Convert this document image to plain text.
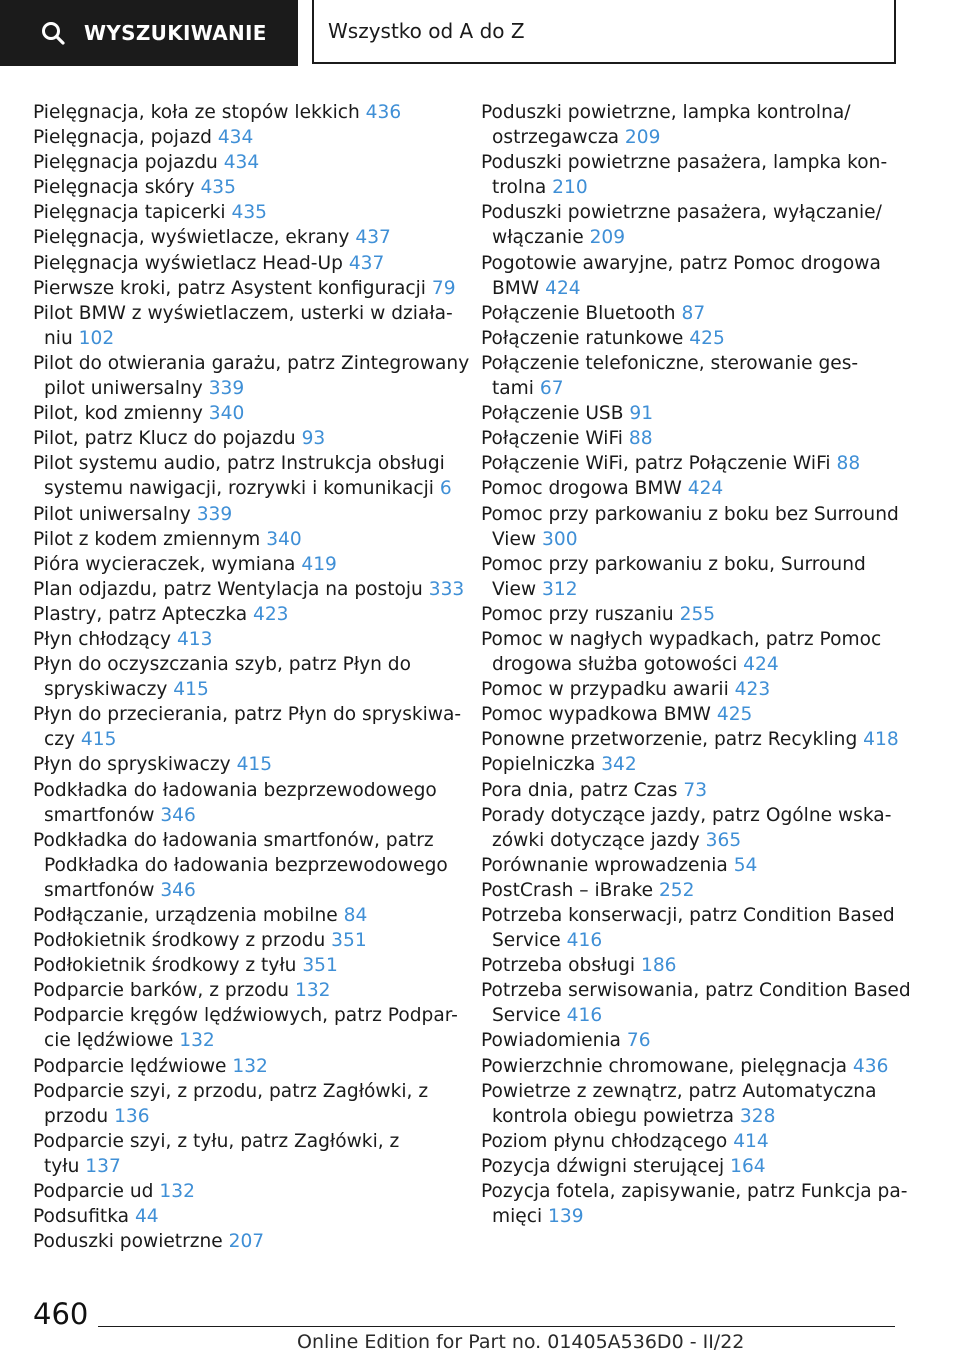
WYSZUKIWANIE	Wszystko od A do Z

Pielęgnacja, koła ze stopów lekkich 436

Pielęgnacja, pojazd 434

Pielęgnacja pojazdu 434

Pielęgnacja skóry 435

Pielęgnacja tapicerki 435

Pielęgnacja, wyświetlacze, ekrany 437

Pielęgnacja wyświetlacz Head-Up 437

Pierwsze kroki, patrz Asystent konfiguracji 79

Pilot BMW z wyświetlaczem, usterki w działa-
niu 102

Pilot do otwierania garażu, patrz Zintegrowany
pilot uniwersalny 339

Pilot, kod zmienny 340

Pilot, patrz Klucz do pojazdu 93

Pilot systemu audio, patrz Instrukcja obsługi
systemu nawigacji, rozrywki i komunikacji 6

Pilot uniwersalny 339

Pilot z kodem zmiennym 340

Pióra wycieraczek, wymiana 419

Plan odjazdu, patrz Wentylacja na postoju 333

Plastry, patrz Apteczka 423

Płyn chłodzący 413

Płyn do oczyszczania szyb, patrz Płyn do
spryskiwaczy 415

Płyn do przecierania, patrz Płyn do spryskiwa-
czy 415

Płyn do spryskiwaczy 415

Podkładka do ładowania bezprzewodowego
smartfonów 346

Podkładka do ładowania smartfonów, patrz
Podkładka do ładowania bezprzewodowego
smartfonów 346

Podłączanie, urządzenia mobilne 84

Podłokietnik środkowy z przodu 351

Podłokietnik środkowy z tyłu 351

Podparcie barków, z przodu 132

Podparcie kręgów lędźwiowych, patrz Podpar-
cie lędźwiowe 132

Podparcie lędźwiowe 132

Podparcie szyi, z przodu, patrz Zagłówki, z
przodu 136

Podparcie szyi, z tyłu, patrz Zagłówki, z
tyłu 137

Podparcie ud 132

Podsufitka 44

Poduszki powietrzne 207

Poduszki powietrzne, lampka kontrolna/
ostrzegawcza 209

Poduszki powietrzne pasażera, lampka kon-
trolna 210

Poduszki powietrzne pasażera, wyłączanie/
włączanie 209

Pogotowie awaryjne, patrz Pomoc drogowa
BMW 424

Połączenie Bluetooth 87

Połączenie ratunkowe 425

Połączenie telefoniczne, sterowanie ges-
tami 67

Połączenie USB 91

Połączenie WiFi 88

Połączenie WiFi, patrz Połączenie WiFi 88

Pomoc drogowa BMW 424

Pomoc przy parkowaniu z boku bez Surround
View 300

Pomoc przy parkowaniu z boku, Surround
View 312

Pomoc przy ruszaniu 255

Pomoc w nagłych wypadkach, patrz Pomoc
drogowa służba gotowości 424

Pomoc w przypadku awarii 423

Pomoc wypadkowa BMW 425

Ponowne przetworzenie, patrz Recykling 418

Popielniczka 342

Pora dnia, patrz Czas 73

Porady dotyczące jazdy, patrz Ogólne wska-
zówki dotyczące jazdy 365

Porównanie wprowadzenia 54

PostCrash – iBrake 252

Potrzeba konserwacji, patrz Condition Based
Service 416

Potrzeba obsługi 186

Potrzeba serwisowania, patrz Condition Based
Service 416

Powiadomienia 76

Powierzchnie chromowane, pielęgnacja 436

Powietrze z zewnątrz, patrz Automatyczna
kontrola obiegu powietrza 328

Poziom płynu chłodzącego 414

Pozycja dźwigni sterującej 164

Pozycja fotela, zapisywanie, patrz Funkcja pa-
mięci 139

460
Online Edition for Part no. 01405A536D0 - II/22
